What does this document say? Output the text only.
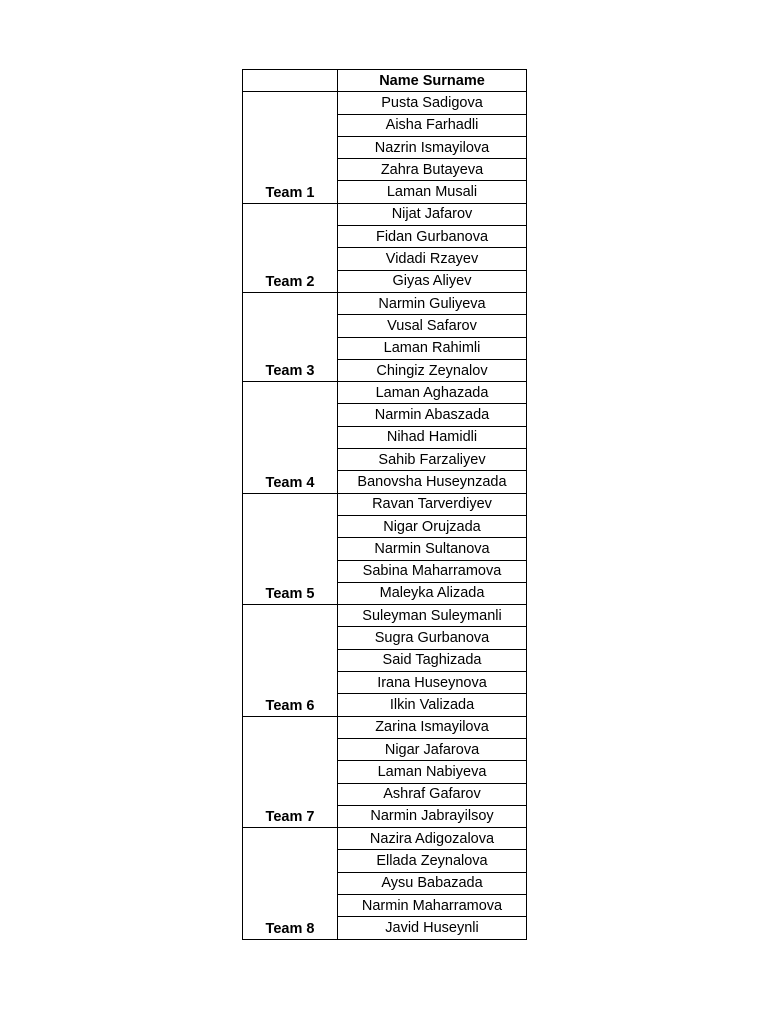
	Name Surname
Team 1	Pusta Sadigova
	Aisha Farhadli
	Nazrin Ismayilova
	Zahra Butayeva
	Laman Musali
Team 2	Nijat Jafarov
	Fidan Gurbanova
	Vidadi Rzayev
	Giyas Aliyev
Team 3	Narmin Guliyeva
	Vusal Safarov
	Laman Rahimli
	Chingiz Zeynalov
Team 4	Laman Aghazada
	Narmin Abaszada
	Nihad Hamidli
	Sahib Farzaliyev
	Banovsha Huseynzada
Team 5	Ravan Tarverdiyev
	Nigar Orujzada
	Narmin Sultanova
	Sabina Maharramova
	Maleyka Alizada
Team 6	Suleyman Suleymanli
	Sugra Gurbanova
	Said Taghizada
	Irana Huseynova
	Ilkin Valizada
Team 7	Zarina Ismayilova
	Nigar Jafarova
	Laman Nabiyeva
	Ashraf Gafarov
	Narmin Jabrayilsoy
Team 8	Nazira Adigozalova
	Ellada Zeynalova
	Aysu Babazada
	Narmin Maharramova
	Javid Huseynli
